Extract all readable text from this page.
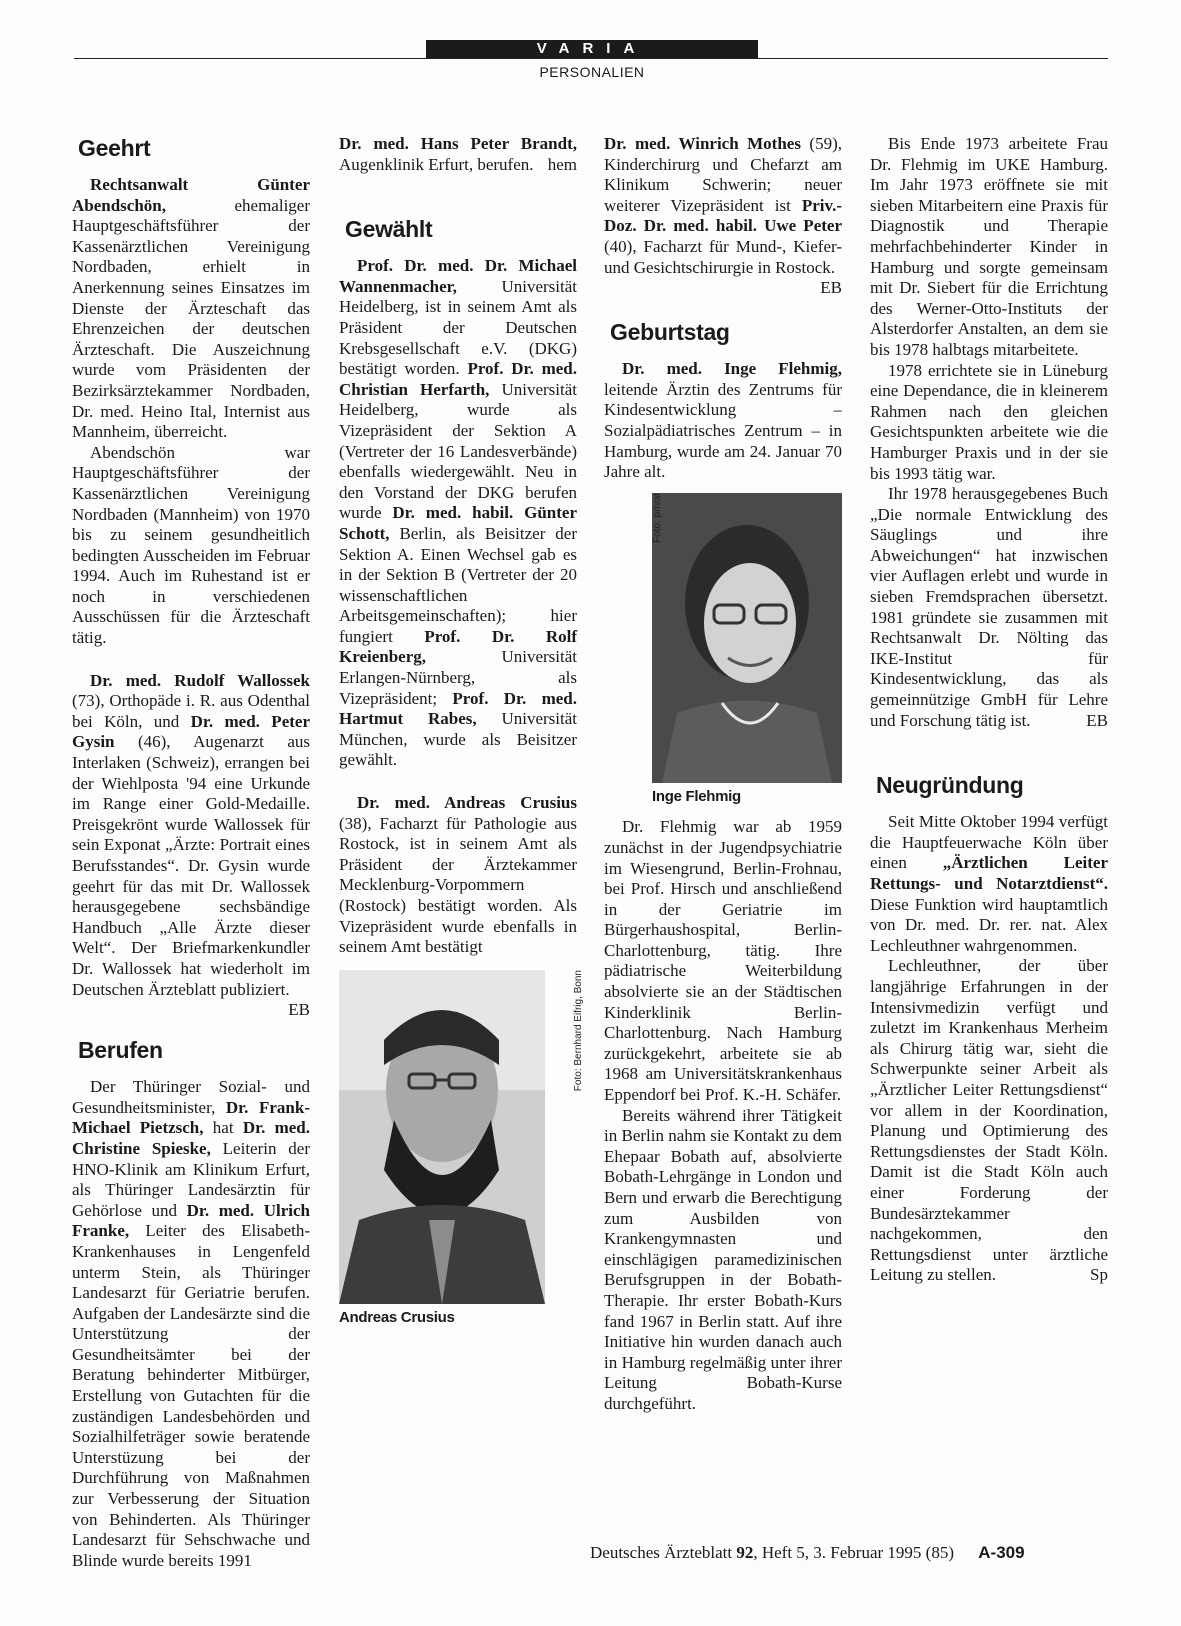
VARIA
PERSONALIEN
Geehrt

Rechtsanwalt Günter Abendschön, ehemaliger Hauptgeschäftsführer der Kassenärztlichen Vereinigung Nordbaden, erhielt in Anerkennung seines Einsatzes im Dienste der Ärzteschaft das Ehrenzeichen der deutschen Ärzteschaft. Die Auszeichnung wurde vom Präsidenten der Bezirksärztekammer Nordbaden, Dr. med. Heino Ital, Internist aus Mannheim, überreicht.

Abendschön war Hauptgeschäftsführer der Kassenärztlichen Vereinigung Nordbaden (Mannheim) von 1970 bis zu seinem gesundheitlich bedingten Ausscheiden im Februar 1994. Auch im Ruhestand ist er noch in verschiedenen Ausschüssen für die Ärzteschaft tätig.

Dr. med. Rudolf Wallossek (73), Orthopäde i. R. aus Odenthal bei Köln, und Dr. med. Peter Gysin (46), Augenarzt aus Interlaken (Schweiz), errangen bei der Wiehlposta '94 eine Urkunde im Range einer Gold-Medaille. Preisgekrönt wurde Wallossek für sein Exponat „Ärzte: Portrait eines Berufsstandes“. Dr. Gysin wurde geehrt für das mit Dr. Wallossek herausgegebene sechsbändige Handbuch „Alle Ärzte dieser Welt“. Der Briefmarkenkundler Dr. Wallossek hat wiederholt im Deutschen Ärzteblatt publiziert.
EB

Berufen

Der Thüringer Sozial- und Gesundheitsminister, Dr. Frank-Michael Pietzsch, hat Dr. med. Christine Spieske, Leiterin der HNO-Klinik am Klinikum Erfurt, als Thüringer Landesärztin für Gehörlose und Dr. med. Ulrich Franke, Leiter des Elisabeth-Krankenhauses in Lengenfeld unterm Stein, als Thüringer Landesarzt für Geriatrie berufen. Aufgaben der Landesärzte sind die Unterstützung der Gesundheitsämter bei der Beratung behinderter Mitbürger, Erstellung von Gutachten für die zuständigen Landesbehörden und Sozialhilfeträger sowie beratende Unterstüzung bei der Durchführung von Maßnahmen zur Verbesserung der Situation von Behinderten. Als Thüringer Landesarzt für Sehschwache und Blinde wurde bereits 1991

Dr. med. Hans Peter Brandt, Augenklinik Erfurt, berufen. hem

Gewählt

Prof. Dr. med. Dr. Michael Wannenmacher, Universität Heidelberg, ist in seinem Amt als Präsident der Deutschen Krebsgesellschaft e.V. (DKG) bestätigt worden. Prof. Dr. med. Christian Herfarth, Universität Heidelberg, wurde als Vizepräsident der Sektion A (Vertreter der 16 Landesverbände) ebenfalls wiedergewählt. Neu in den Vorstand der DKG berufen wurde Dr. med. habil. Günter Schott, Berlin, als Beisitzer der Sektion A. Einen Wechsel gab es in der Sektion B (Vertreter der 20 wissenschaftlichen Arbeitsgemeinschaften); hier fungiert Prof. Dr. Rolf Kreienberg, Universität Erlangen-Nürnberg, als Vizepräsident; Prof. Dr. med. Hartmut Rabes, Universität München, wurde als Beisitzer gewählt.

Dr. med. Andreas Crusius (38), Facharzt für Pathologie aus Rostock, ist in seinem Amt als Präsident der Ärztekammer Mecklenburg-Vorpommern (Rostock) bestätigt worden. Als Vizepräsident wurde ebenfalls in seinem Amt bestätigt

Foto: Bernhard Eifrig, Bonn
Andreas Crusius

Dr. med. Winrich Mothes (59), Kinderchirurg und Chefarzt am Klinikum Schwerin; neuer weiterer Vizepräsident ist Priv.-Doz. Dr. med. habil. Uwe Peter (40), Facharzt für Mund-, Kiefer- und Gesichtschirurgie in Rostock.
EB

Geburtstag

Dr. med. Inge Flehmig, leitende Ärztin des Zentrums für Kindesentwicklung – Sozialpädiatrisches Zentrum – in Hamburg, wurde am 24. Januar 70 Jahre alt.

Foto: privat
Inge Flehmig

Dr. Flehmig war ab 1959 zunächst in der Jugendpsychiatrie im Wiesengrund, Berlin-Frohnau, bei Prof. Hirsch und anschließend in der Geriatrie im Bürgerhaushospital, Berlin-Charlottenburg, tätig. Ihre pädiatrische Weiterbildung absolvierte sie an der Städtischen Kinderklinik Berlin-Charlottenburg. Nach Hamburg zurückgekehrt, arbeitete sie ab 1968 am Universitätskrankenhaus Eppendorf bei Prof. K.-H. Schäfer.

Bereits während ihrer Tätigkeit in Berlin nahm sie Kontakt zu dem Ehepaar Bobath auf, absolvierte Bobath-Lehrgänge in London und Bern und erwarb die Berechtigung zum Ausbilden von Krankengymnasten und einschlägigen paramedizinischen Berufsgruppen in der Bobath-Therapie. Ihr erster Bobath-Kurs fand 1967 in Berlin statt. Auf ihre Initiative hin wurden danach auch in Hamburg regelmäßig unter ihrer Leitung Bobath-Kurse durchgeführt.

Bis Ende 1973 arbeitete Frau Dr. Flehmig im UKE Hamburg. Im Jahr 1973 eröffnete sie mit sieben Mitarbeitern eine Praxis für Diagnostik und Therapie mehrfachbehinderter Kinder in Hamburg und sorgte gemeinsam mit Dr. Siebert für die Errichtung des Werner-Otto-Instituts der Alsterdorfer Anstalten, an dem sie bis 1978 halbtags mitarbeitete.

1978 errichtete sie in Lüneburg eine Dependance, die in kleinerem Rahmen nach den gleichen Gesichtspunkten arbeitete wie die Hamburger Praxis und in der sie bis 1993 tätig war.

Ihr 1978 herausgegebenes Buch „Die normale Entwicklung des Säuglings und ihre Abweichungen“ hat inzwischen vier Auflagen erlebt und wurde in sieben Fremdsprachen übersetzt. 1981 gründete sie zusammen mit Rechtsanwalt Dr. Nölting das IKE-Institut für Kindesentwicklung, das als gemeinnützige GmbH für Lehre und Forschung tätig ist.	EB

Neugründung

Seit Mitte Oktober 1994 verfügt die Hauptfeuerwache Köln über einen „Ärztlichen Leiter Rettungs- und Notarztdienst“. Diese Funktion wird hauptamtlich von Dr. med. Dr. rer. nat. Alex Lechleuthner wahrgenommen.

Lechleuthner, der über langjährige Erfahrungen in der Intensivmedizin verfügt und zuletzt im Krankenhaus Merheim als Chirurg tätig war, sieht die Schwerpunkte seiner Arbeit als „Ärztlicher Leiter Rettungsdienst“ vor allem in der Koordination, Planung und Optimierung des Rettungsdienstes der Stadt Köln. Damit ist die Stadt Köln auch einer Forderung der Bundesärztekammer nachgekommen, den Rettungsdienst unter ärztliche Leitung zu stellen.	Sp

Deutsches Ärzteblatt 92, Heft 5, 3. Februar 1995 (85) A-309
